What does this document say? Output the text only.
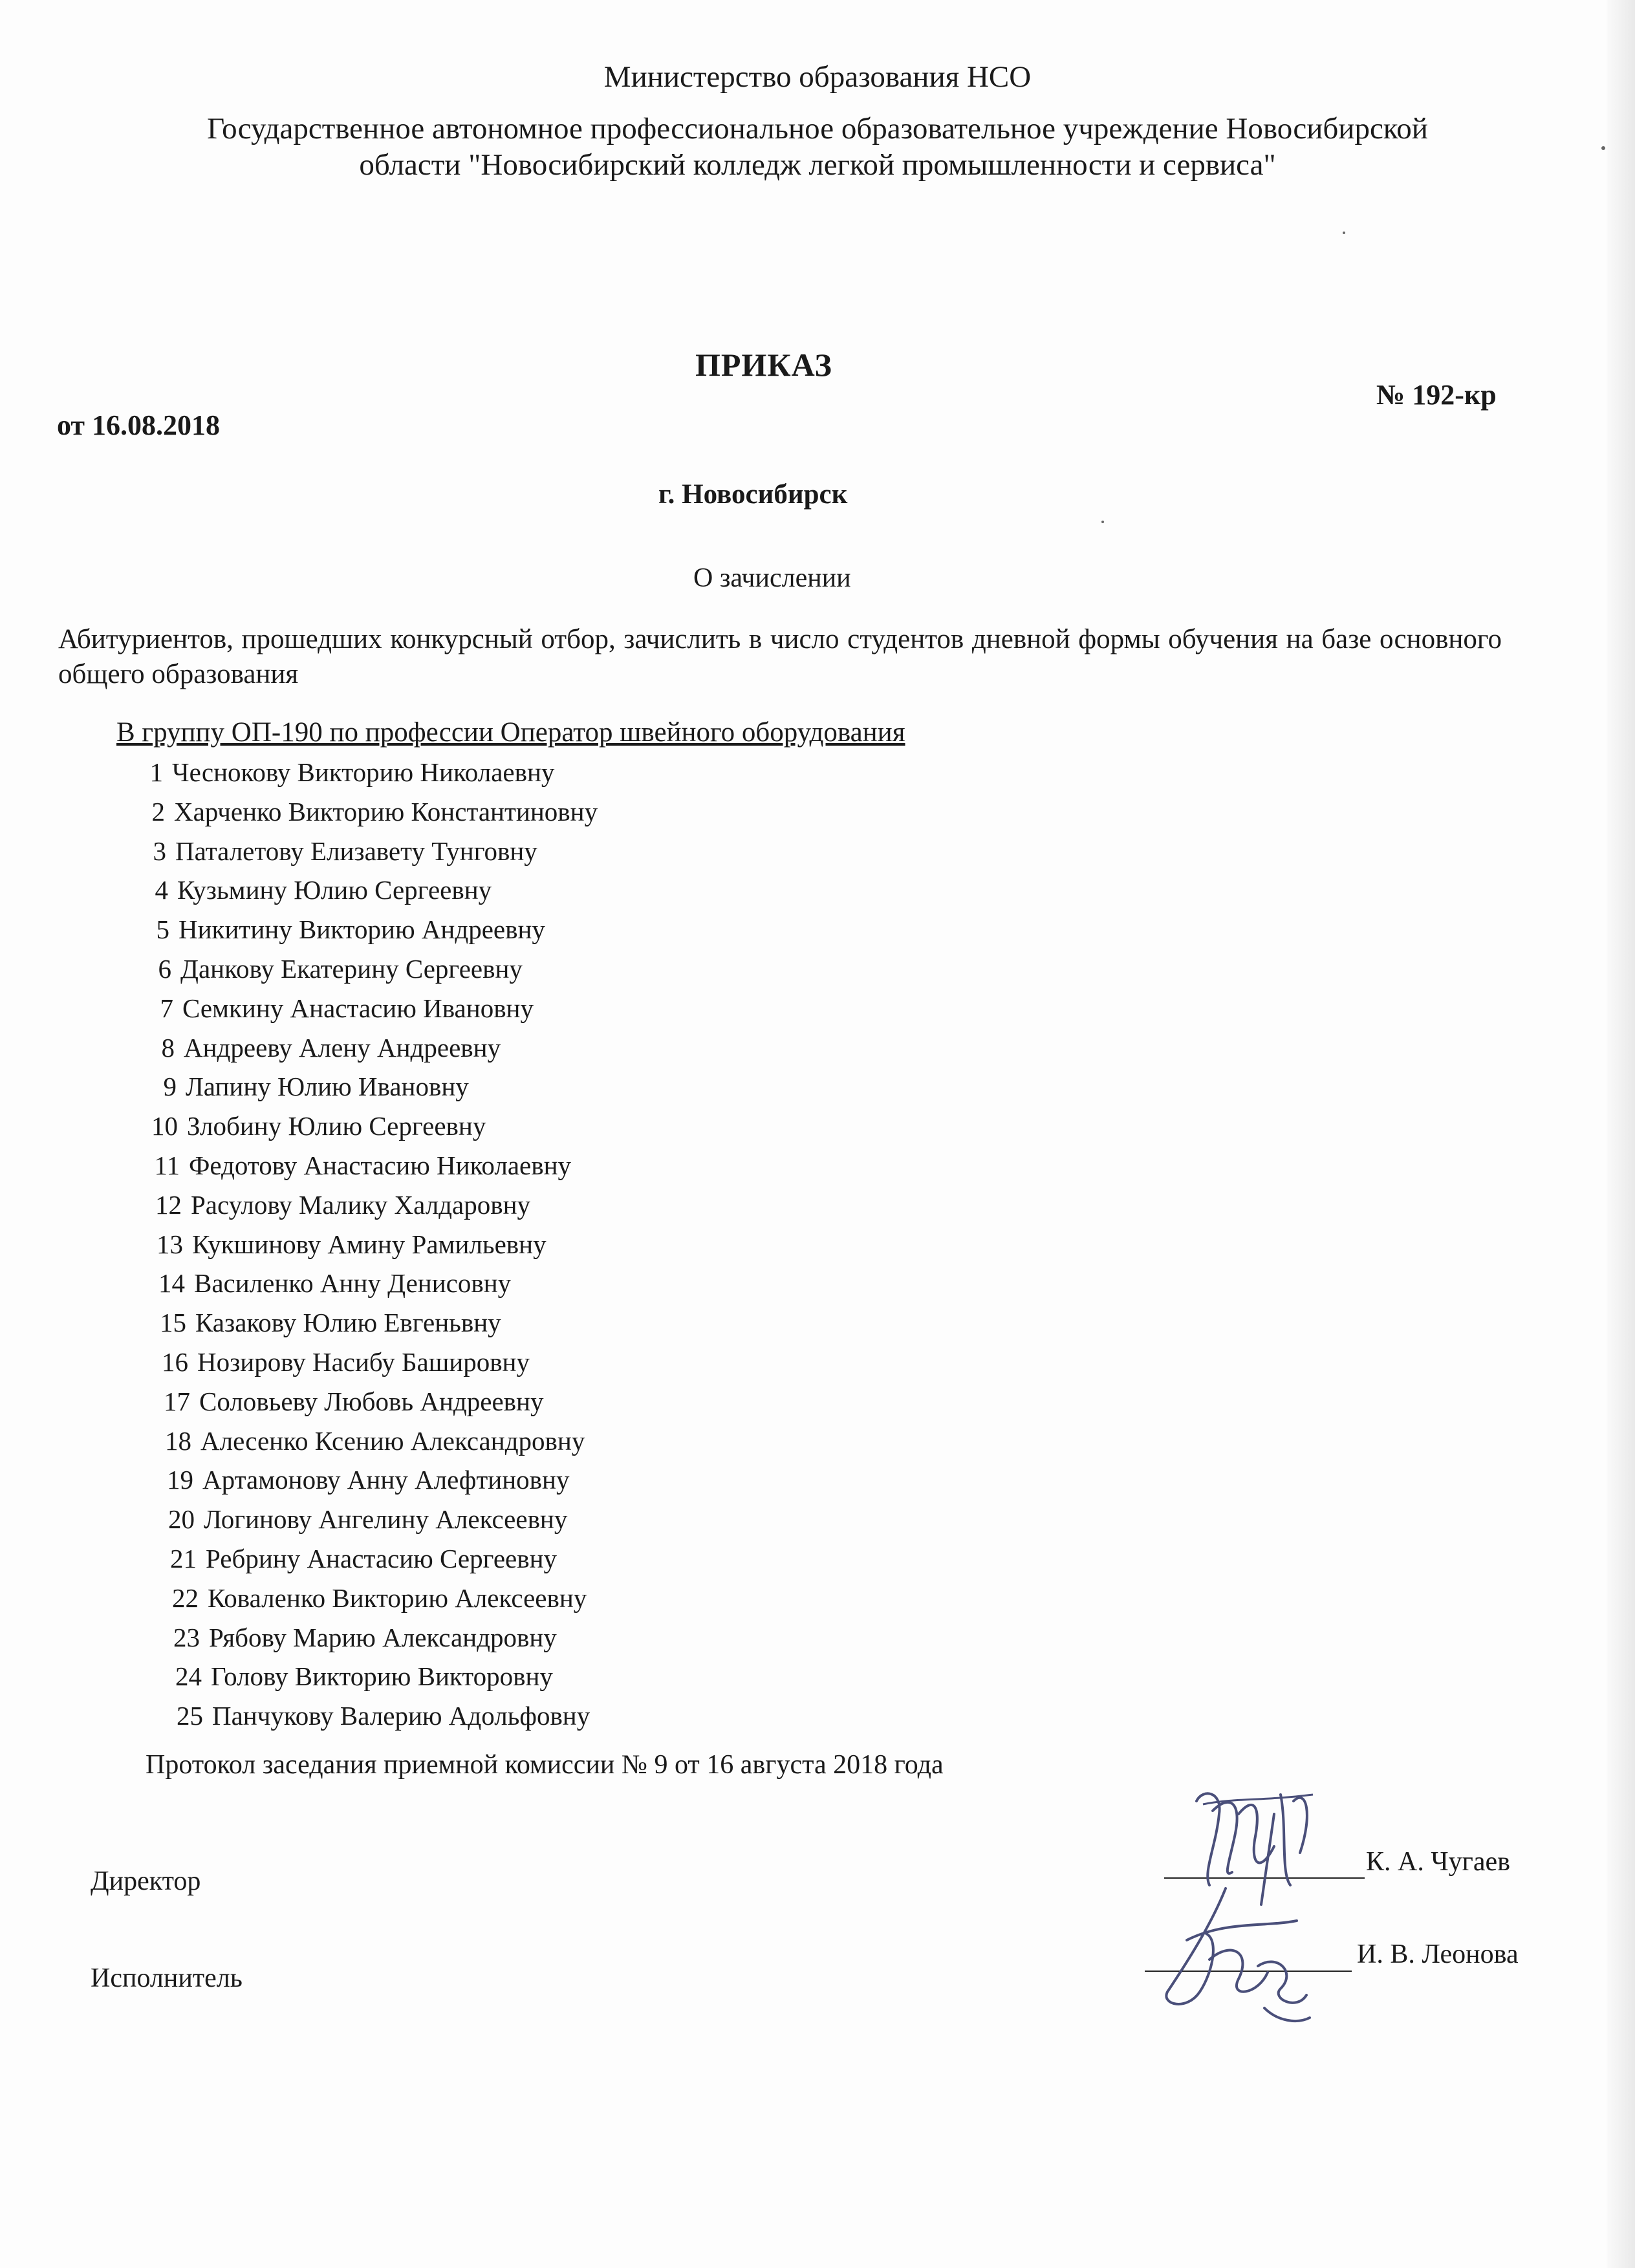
Министерство образования НСО
Государственное автономное профессиональное образовательное учреждение Новосибирской
области "Новосибирский колледж легкой промышленности и сервиса"
ПРИКАЗ
№ 192-кр
от 16.08.2018
г. Новосибирск
О зачислении
Абитуриентов, прошедших конкурсный отбор, зачислить в число студентов дневной формы обучения на базе основного общего образования
В группу ОП-190 по профессии Оператор швейного оборудования
1 Чеснокову Викторию Николаевну
2 Харченко Викторию Константиновну
3 Паталетову Елизавету Тунговну
4 Кузьмину Юлию Сергеевну
5 Никитину Викторию Андреевну
6 Данкову Екатерину Сергеевну
7 Семкину Анастасию Ивановну
8 Андрееву Алену Андреевну
9 Лапину Юлию Ивановну
10 Злобину Юлию Сергеевну
11 Федотову Анастасию Николаевну
12 Расулову Малику Халдаровну
13 Кукшинову Амину Рамильевну
14 Василенко Анну Денисовну
15 Казакову Юлию Евгеньвну
16 Нозирову Насибу Башировну
17 Соловьеву Любовь Андреевну
18 Алесенко Ксению Александровну
19 Артамонову Анну Алефтиновну
20 Логинову Ангелину Алексеевну
21 Ребрину Анастасию Сергеевну
22 Коваленко Викторию Алексеевну
23 Рябову Марию Александровну
24 Голову Викторию Викторовну
25 Панчукову Валерию Адольфовну
Протокол заседания приемной комиссии № 9 от 16 августа 2018 года
Директор
К. А. Чугаев
Исполнитель
И. В. Леонова
